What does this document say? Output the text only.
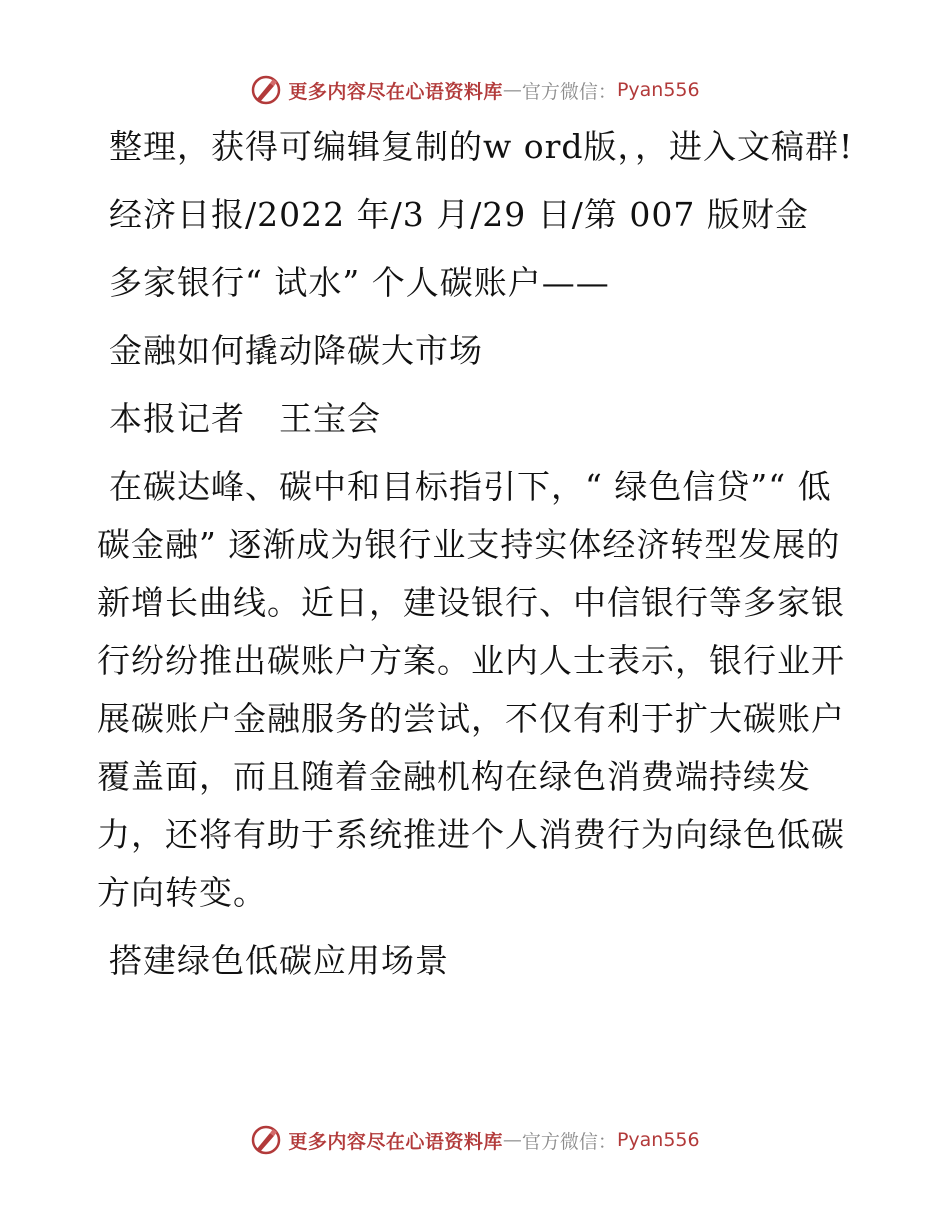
更多内容尽在心语资料库 — 官方微信： Pyan556

整理，获得可编辑复制的w ord版，，进入文稿群!

经济日报/2022 年/3 月/29 日/第 007 版财金

多家银行“ 试水” 个人碳账户——

金融如何撬动降碳大市场

本报记者　王宝会

在碳达峰、碳中和目标指引下，“ 绿色信贷”“ 低碳金融” 逐渐成为银行业支持实体经济转型发展的新增长曲线。近日，建设银行、中信银行等多家银行纷纷推出碳账户方案。业内人士表示，银行业开展碳账户金融服务的尝试，不仅有利于扩大碳账户覆盖面，而且随着金融机构在绿色消费端持续发力，还将有助于系统推进个人消费行为向绿色低碳方向转变。

搭建绿色低碳应用场景

更多内容尽在心语资料库 — 官方微信： Pyan556
